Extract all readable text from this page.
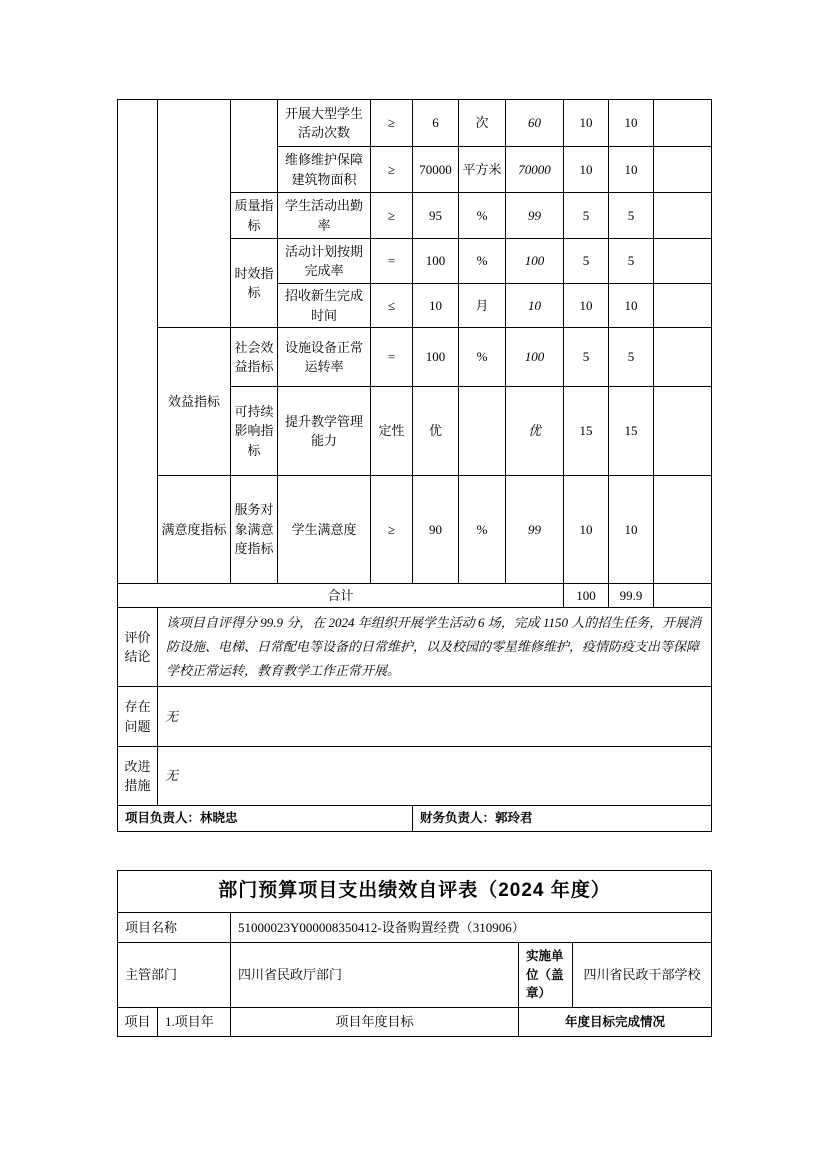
			开展大型学生活动次数	≥	6	次	60	10	10	
			维修维护保障建筑物面积	≥	70000	平方米	70000	10	10	
		质量指标	学生活动出勤率	≥	95	%	99	5	5	
		时效指标	活动计划按期完成率	=	100	%	100	5	5	
			招收新生完成时间	≤	10	月	10	10	10	
	效益指标	社会效益指标	设施设备正常运转率	=	100	%	100	5	5	
		可持续影响指标	提升教学管理能力	定性	优		优	15	15	
	满意度指标	服务对象满意度指标	学生满意度	≥	90	%	99	10	10	
合计								100	99.9	
评价结论	该项目自评得分 99.9 分，在 2024 年组织开展学生活动 6 场，完成 1150 人的招生任务，开展消防设施、电梯、日常配电等设备的日常维护，以及校园的零星维修维护，疫情防疫支出等保障学校正常运转，教育教学工作正常开展。									
存在问题	无									
改进措施	无									
项目负责人：林晓忠					财务负责人：郭玲君					
部门预算项目支出绩效自评表（2024 年度）				
项目名称		51000023Y000008350412-设备购置经费（310906）		
主管部门		四川省民政厅部门	实施单位（盖章）	四川省民政干部学校
项目	1.项目年	项目年度目标	年度目标完成情况	
